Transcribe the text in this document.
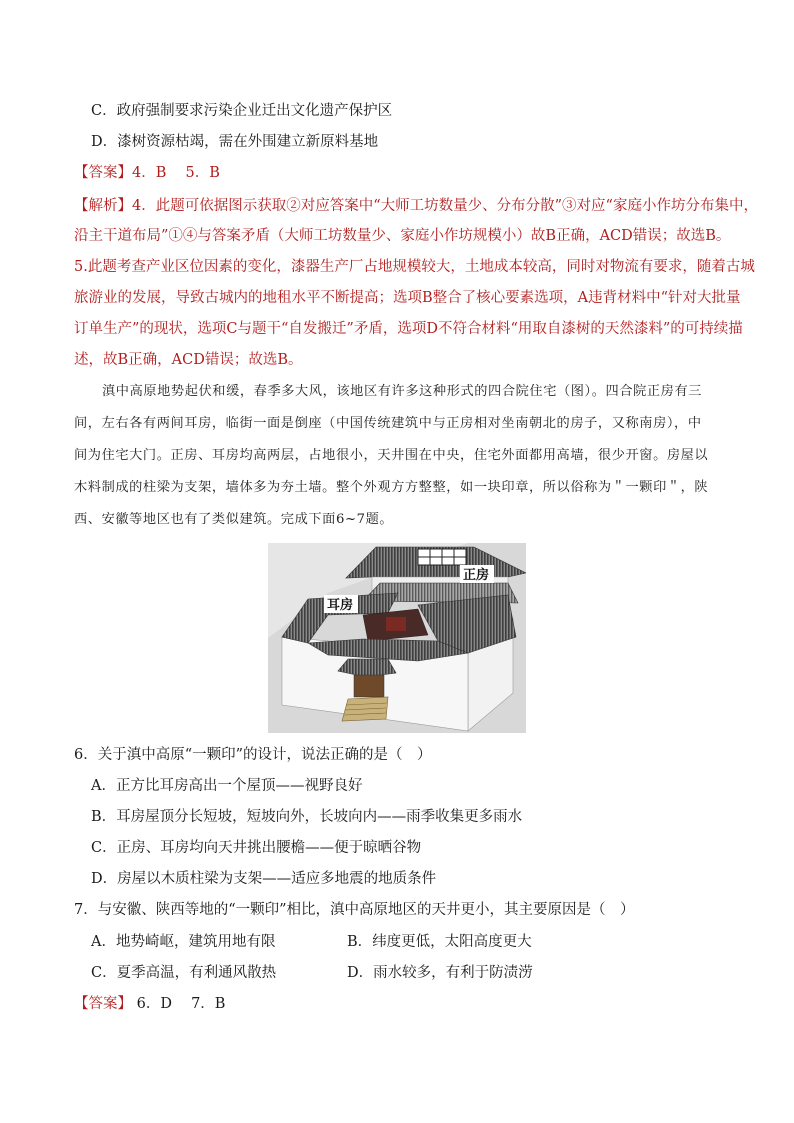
C．政府强制要求污染企业迁出文化遗产保护区
D．漆树资源枯竭，需在外围建立新原料基地
【答案】4．B　 5．B
【解析】4．此题可依据图示获取②对应答案中“大师工坊数量少、分布分散”③对应“家庭小作坊分布集中，
沿主干道布局”①④与答案矛盾（大师工坊数量少、家庭小作坊规模小）故B正确，ACD错误；故选B。
5.此题考查产业区位因素的变化，漆器生产厂占地规模较大，土地成本较高，同时对物流有要求，随着古城
旅游业的发展，导致古城内的地租水平不断提高；选项B整合了核心要素选项，A违背材料中“针对大批量
订单生产”的现状，选项C与题干“自发搬迁”矛盾，选项D不符合材料“用取自漆树的天然漆料”的可持续描
述，故B正确，ACD错误；故选B。
滇中高原地势起伏和缓，春季多大风，该地区有许多这种形式的四合院住宅（图）。四合院正房有三
间，左右各有两间耳房，临街一面是倒座（中国传统建筑中与正房相对坐南朝北的房子，又称南房），中
间为住宅大门。正房、耳房均高两层，占地很小，天井围在中央，住宅外面都用高墙，很少开窗。房屋以
木料制成的柱梁为支架，墙体多为夯土墙。整个外观方方整整，如一块印章，所以俗称为＂一颗印＂，陕
西、安徽等地区也有了类似建筑。完成下面6~7题。
正房
耳房
6．关于滇中高原“一颗印”的设计，说法正确的是（　）
A．正方比耳房高出一个屋顶——视野良好
B．耳房屋顶分长短坡，短坡向外，长坡向内——雨季收集更多雨水
C．正房、耳房均向天井挑出腰檐——便于晾晒谷物
D．房屋以木质柱梁为支架——适应多地震的地质条件
7．与安徽、陕西等地的“一颗印”相比，滇中高原地区的天井更小，其主要原因是（　）
A．地势崎岖，建筑用地有限	B．纬度更低，太阳高度更大
C．夏季高温，有利通风散热	D．雨水较多，有利于防渍涝
【答案】 6．D　 7．B
